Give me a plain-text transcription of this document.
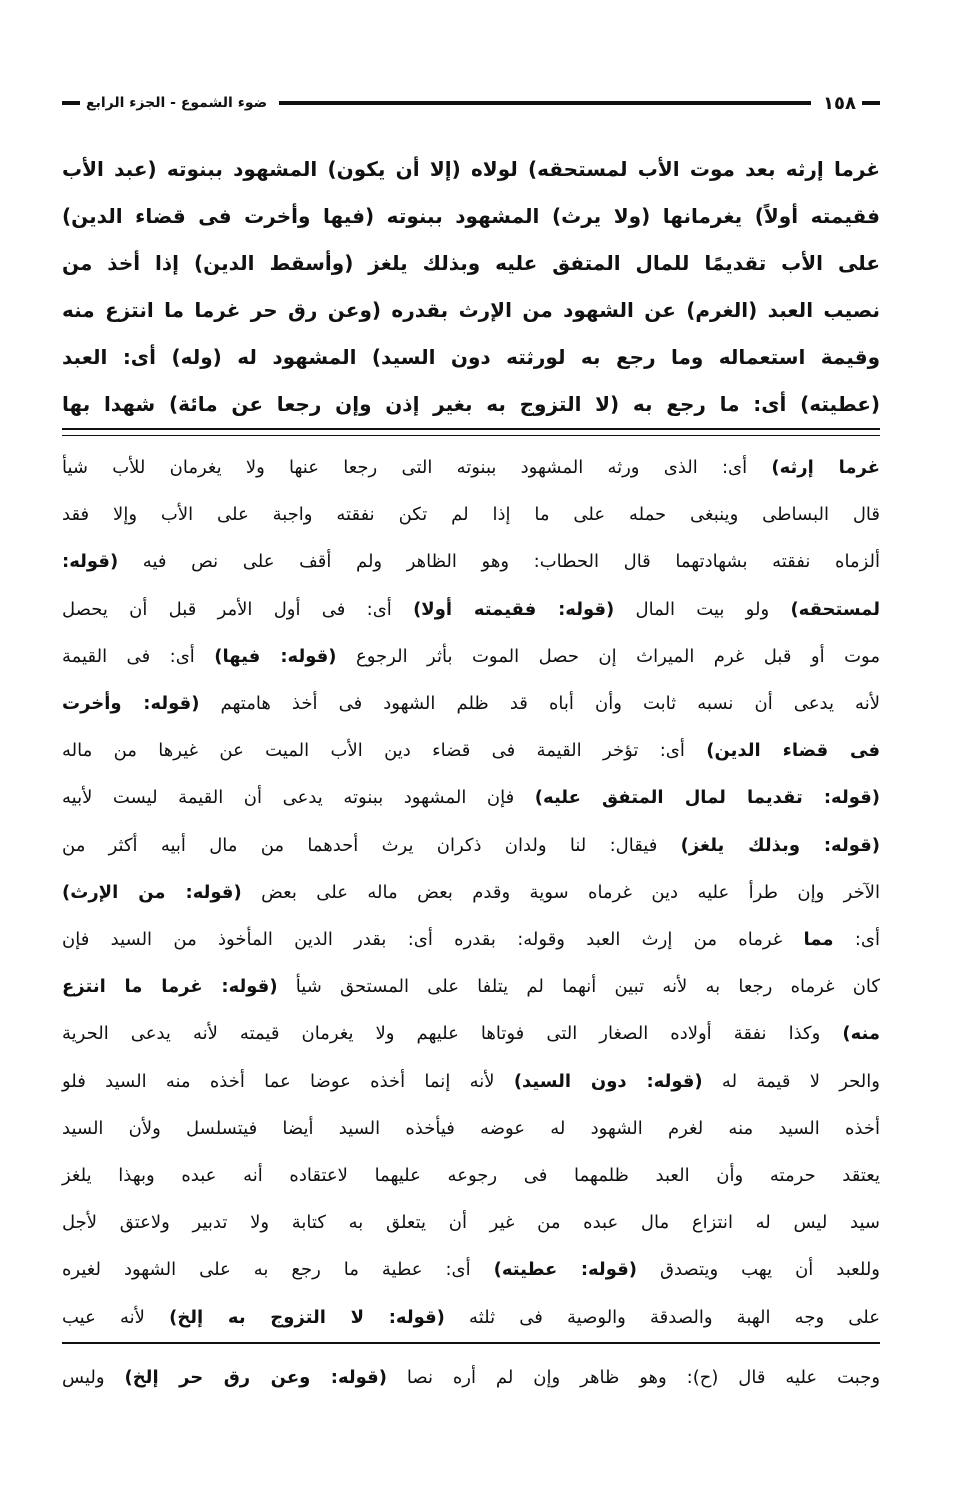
١٥٨
ضوء الشموع - الجزء الرابع
غرما إرثه بعد موت الأب لمستحقه) لولاه (إلا أن يكون) المشهود ببنوته (عبد الأب
فقيمته أولاً) يغرمانها (ولا يرث) المشهود ببنوته (فيها وأخرت فى قضاء الدين)
على الأب تقديمًا للمال المتفق عليه وبذلك يلغز (وأسقط الدين) إذا أخذ من
نصيب العبد (الغرم) عن الشهود من الإرث بقدره (وعن رق حر غرما ما انتزع منه
وقيمة استعماله وما رجع به لورثته دون السيد) المشهود له (وله) أى: العبد
(عطيته) أى: ما رجع به (لا التزوج به بغير إذن وإن رجعا عن مائة) شهدا بها
غرما إرثه) أى: الذى ورثه المشهود ببنوته التى رجعا عنها ولا يغرمان للأب شيأ
قال البساطى وينبغى حمله على ما إذا لم تكن نفقته واجبة على الأب وإلا فقد
ألزماه نفقته بشهادتهما قال الحطاب: وهو الظاهر ولم أقف على نص فيه (قوله:
لمستحقه) ولو بيت المال (قوله: فقيمته أولا) أى: فى أول الأمر قبل أن يحصل
موت أو قبل غرم الميراث إن حصل الموت بأثر الرجوع (قوله: فيها) أى: فى القيمة
لأنه يدعى أن نسبه ثابت وأن أباه قد ظلم الشهود فى أخذ هامتهم (قوله: وأخرت
فى قضاء الدين) أى: تؤخر القيمة فى قضاء دين الأب الميت عن غيرها من ماله
(قوله: تقديما لمال المتفق عليه) فإن المشهود ببنوته يدعى أن القيمة ليست لأبيه
(قوله: وبذلك يلغز) فيقال: لنا ولدان ذكران يرث أحدهما من مال أبيه أكثر من
الآخر وإن طرأ عليه دين غرماه سوية وقدم بعض ماله على بعض (قوله: من الإرث)
أى: مما غرماه من إرث العبد وقوله: بقدره أى: بقدر الدين المأخوذ من السيد فإن
كان غرماه رجعا به لأنه تبين أنهما لم يتلفا على المستحق شيأ (قوله: غرما ما انتزع
منه) وكذا نفقة أولاده الصغار التى فوتاها عليهم ولا يغرمان قيمته لأنه يدعى الحرية
والحر لا قيمة له (قوله: دون السيد) لأنه إنما أخذه عوضا عما أخذه منه السيد فلو
أخذه السيد منه لغرم الشهود له عوضه فيأخذه السيد أيضا فيتسلسل ولأن السيد
يعتقد حرمته وأن العبد ظلمهما فى رجوعه عليهما لاعتقاده أنه عبده وبهذا يلغز
سيد ليس له انتزاع مال عبده من غير أن يتعلق به كتابة ولا تدبير ولاعتق لأجل
وللعبد أن يهب ويتصدق (قوله: عطيته) أى: عطية ما رجع به على الشهود لغيره
على وجه الهبة والصدقة والوصية فى ثلثه (قوله: لا التزوج به إلخ) لأنه عيب
وجبت عليه قال (ح): وهو ظاهر وإن لم أره نصا (قوله: وعن رق حر إلخ) وليس
